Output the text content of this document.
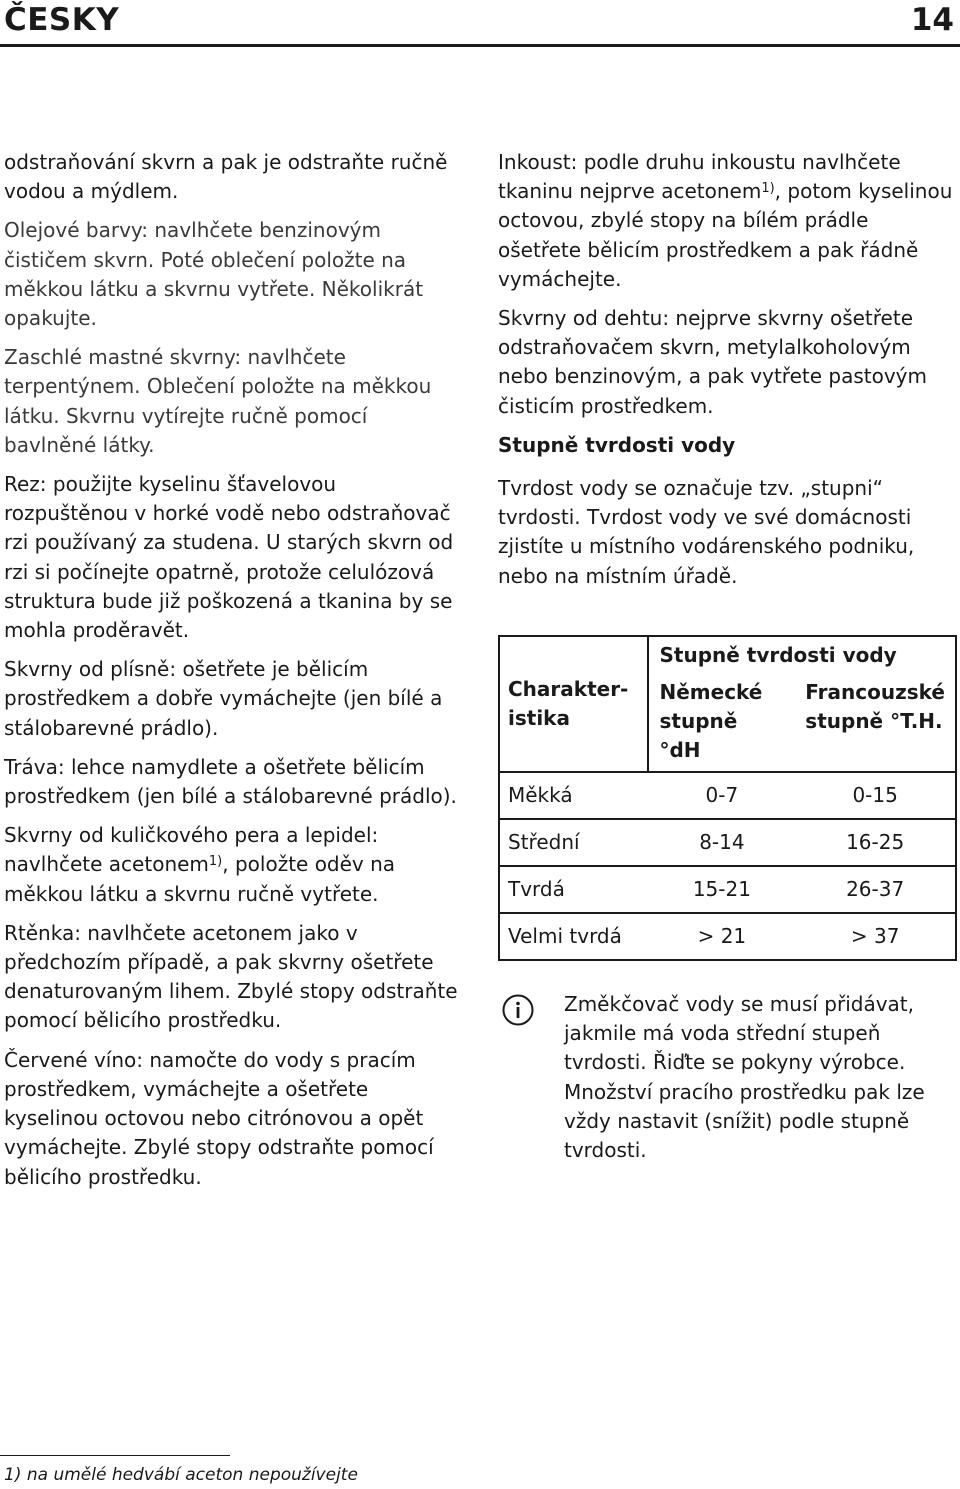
ČESKY	14

odstraňování skvrn a pak je odstraňte ručně vodou a mýdlem.

Olejové barvy: navlhčete benzinovým čističem skvrn. Poté oblečení položte na měkkou látku a skvrnu vytřete. Několikrát opakujte.

Zaschlé mastné skvrny: navlhčete terpentýnem. Oblečení položte na měkkou látku. Skvrnu vytírejte ručně pomocí bavlněné látky.

Rez: použijte kyselinu šťavelovou rozpuštěnou v horké vodě nebo odstraňovač rzi používaný za studena. U starých skvrn od rzi si počínejte opatrně, protože celulózová struktura bude již poškozená a tkanina by se mohla proděravět.

Skvrny od plísně: ošetřete je bělicím prostředkem a dobře vymáchejte (jen bílé a stálobarevné prádlo).

Tráva: lehce namydlete a ošetřete bělicím prostředkem (jen bílé a stálobarevné prádlo).

Skvrny od kuličkového pera a lepidel: navlhčete acetonem$^{1)}$, položte oděv na měkkou látku a skvrnu ručně vytřete.

Rtěnka: navlhčete acetonem jako v předchozím případě, a pak skvrny ošetřete denaturovaným lihem. Zbylé stopy odstraňte pomocí bělicího prostředku.

Červené víno: namočte do vody s pracím prostředkem, vymáchejte a ošetřete kyselinou octovou nebo citrónovou a opět vymáchejte. Zbylé stopy odstraňte pomocí bělicího prostředku.

Inkoust: podle druhu inkoustu navlhčete tkaninu nejprve acetonem$^{1)}$, potom kyselinou octovou, zbylé stopy na bílém prádle ošetřete bělicím prostředkem a pak řádně vymáchejte.

Skvrny od dehtu: nejprve skvrny ošetřete odstraňovačem skvrn, metylalkoholovým nebo benzinovým, a pak vytřete pastovým čisticím prostředkem.

Stupně tvrdosti vody

Tvrdost vody se označuje tzv. „stupni“ tvrdosti. Tvrdost vody ve své domácnosti zjistíte u místního vodárenského podniku, nebo na místním úřadě.

Charakter-istika	Stupně tvrdosti vody	
	Německé stupně °dH	Francouzské stupně °T.H.
Měkká	0-7	0-15
Střední	8-14	16-25
Tvrdá	15-21	26-37
Velmi tvrdá	> 21	> 37
Změkčovač vody se musí přidávat, jakmile má voda střední stupeň tvrdosti. Řiďte se pokyny výrobce. Množství pracího prostředku pak lze vždy nastavit (snížit) podle stupně tvrdosti.
1) na umělé hedvábí aceton nepoužívejte
